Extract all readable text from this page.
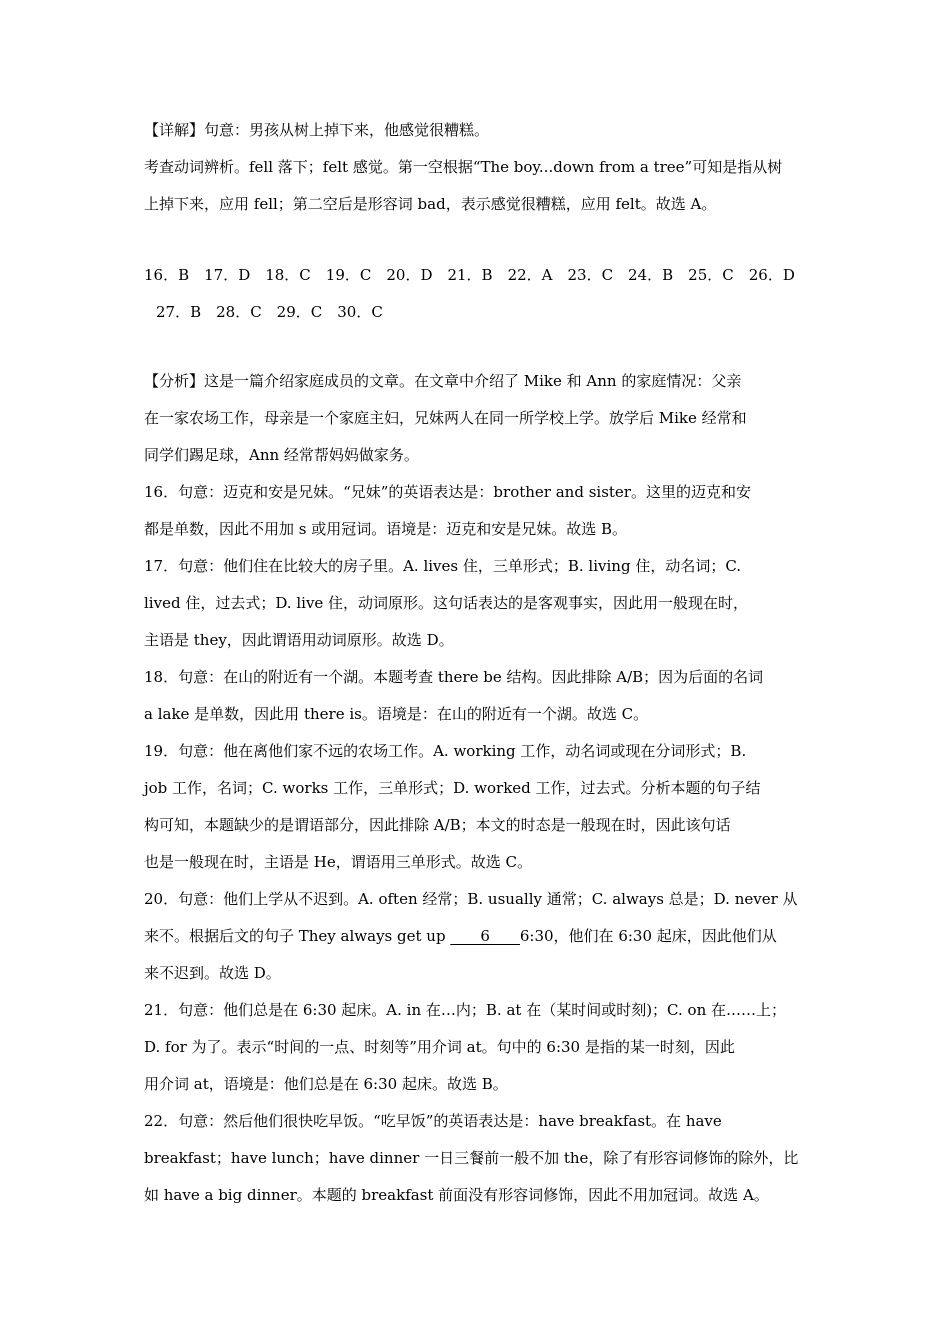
【详解】句意：男孩从树上掉下来，他感觉很糟糕。
考查动词辨析。fell 落下；felt 感觉。第一空根据“The boy...down from a tree”可知是指从树
上掉下来，应用 fell；第二空后是形容词 bad，表示感觉很糟糕，应用 felt。故选 A。
16．B　17．D　18．C　19．C　20．D　21．B　22．A　23．C　24．B　25．C　26．D
27．B　28．C　29．C　30．C
【分析】这是一篇介绍家庭成员的文章。在文章中介绍了 Mike 和 Ann 的家庭情况：父亲
在一家农场工作，母亲是一个家庭主妇，兄妹两人在同一所学校上学。放学后 Mike 经常和
同学们踢足球，Ann 经常帮妈妈做家务。
16．句意：迈克和安是兄妹。“兄妹”的英语表达是：brother and sister。这里的迈克和安
都是单数，因此不用加 s 或用冠词。语境是：迈克和安是兄妹。故选 B。
17．句意：他们住在比较大的房子里。A. lives 住，三单形式；B. living 住，动名词；C.
lived 住，过去式；D. live 住，动词原形。这句话表达的是客观事实，因此用一般现在时，
主语是 they，因此谓语用动词原形。故选 D。
18．句意：在山的附近有一个湖。本题考查 there be 结构。因此排除 A/B；因为后面的名词
a lake 是单数，因此用 there is。语境是：在山的附近有一个湖。故选 C。
19．句意：他在离他们家不远的农场工作。A. working 工作，动名词或现在分词形式；B.
job 工作，名词；C. works 工作，三单形式；D. worked 工作，过去式。分析本题的句子结
构可知，本题缺少的是谓语部分，因此排除 A/B；本文的时态是一般现在时，因此该句话
也是一般现在时，主语是 He，谓语用三单形式。故选 C。
20．句意：他们上学从不迟到。A. often 经常；B. usually 通常；C. always 总是；D. never 从
来不。根据后文的句子 They always get up ____6____6:30，他们在 6:30 起床，因此他们从
来不迟到。故选 D。
21．句意：他们总是在 6:30 起床。A. in 在…内；B. at 在（某时间或时刻)；C. on 在……上；
D. for 为了。表示“时间的一点、时刻等”用介词 at。句中的 6:30 是指的某一时刻，因此
用介词 at，语境是：他们总是在 6:30 起床。故选 B。
22．句意：然后他们很快吃早饭。“吃早饭”的英语表达是：have breakfast。在 have
breakfast；have lunch；have dinner 一日三餐前一般不加 the，除了有形容词修饰的除外，比
如 have a big dinner。本题的 breakfast 前面没有形容词修饰，因此不用加冠词。故选 A。
